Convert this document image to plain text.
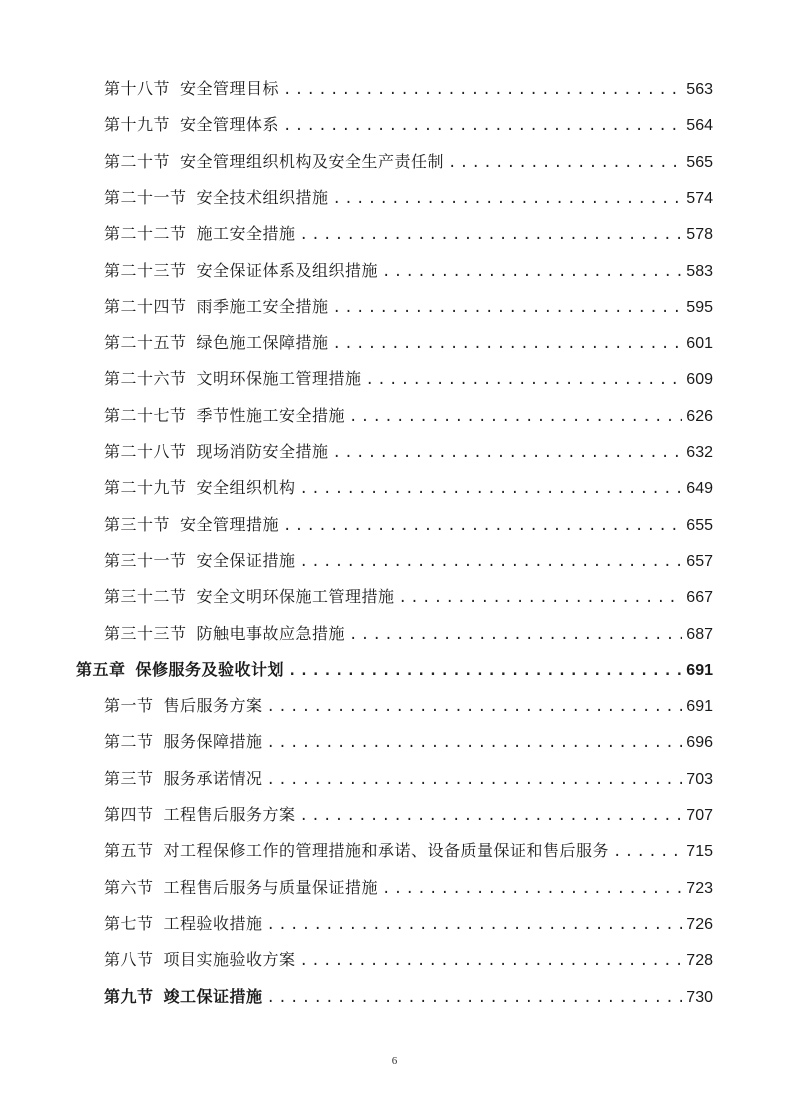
第十八节 安全管理目标 .....	563
第十九节 安全管理体系 .....	564
第二十节 安全管理组织机构及安全生产责任制 .....	565
第二十一节 安全技术组织措施 .....	574
第二十二节 施工安全措施 .....	578
第二十三节 安全保证体系及组织措施 .....	583
第二十四节 雨季施工安全措施 .....	595
第二十五节 绿色施工保障措施 .....	601
第二十六节 文明环保施工管理措施 .....	609
第二十七节 季节性施工安全措施 .....	626
第二十八节 现场消防安全措施 .....	632
第二十九节 安全组织机构 .....	649
第三十节 安全管理措施 .....	655
第三十一节 安全保证措施 .....	657
第三十二节 安全文明环保施工管理措施 .....	667
第三十三节 防触电事故应急措施 .....	687
第五章 保修服务及验收计划 .....	691
第一节 售后服务方案 .....	691
第二节 服务保障措施 .....	696
第三节 服务承诺情况 .....	703
第四节 工程售后服务方案 .....	707
第五节 对工程保修工作的管理措施和承诺、设备质量保证和售后服务 .....	715
第六节 工程售后服务与质量保证措施 .....	723
第七节 工程验收措施 .....	726
第八节 项目实施验收方案 .....	728
第九节 竣工保证措施 .....	730
6
